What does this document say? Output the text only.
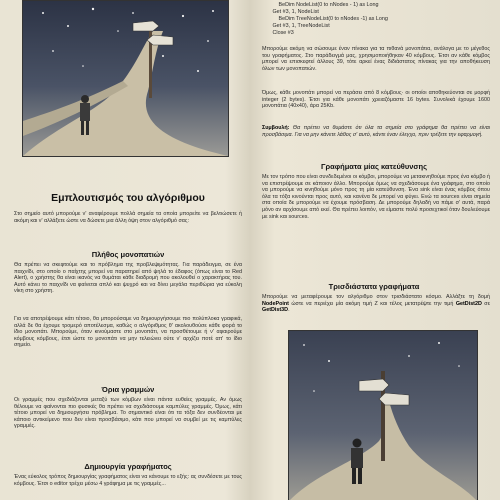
Εμπλουτισμός του αλγόριθμου
Στο σημείο αυτό μπορούμε ν' αναφέρουμε πολλά σημεία τα οποία μπορείτε να βελτιώσετε ή ακόμη και ν' αλλάξετε ώστε να δώσετε μια άλλη όψη στον αλγόριθμό σας:
Πλήθος μονοπατιών
Θα πρέπει να σκεφτούμε και το πρόβλημα της προβλεψιμότητας. Για παράδειγμα, σε ένα παιχνίδι, στο οποίο ο παίχτης μπορεί να παρατηρεί από ψηλά το έδαφος (όπως είναι το Red Alert), ο χρήστης θα είναι ικανός να θυμάται κάθε διαδρομή που ακολουθεί ο χαρακτήρας του. Αυτό κάνει το παιχνίδι να φαίνεται απλό και ψυχρό και να δίνει μεγάλα περιθώρια για εύκολη νίκη στο χρήστη.
Για να αποτρέψουμε κάτι τέτοιο, θα μπορούσαμε να δημιουργήσουμε πιο πολύπλοκα γραφικά, αλλά δε θα έχουμε τρομερό αποτέλεσμα, καθώς ο αλγόριθμος θ' ακολουθούσε κάθε φορά το ίδιο μονοπάτι. Μπορούμε, όταν κινούμαστε στο μονοπάτι, να προσθέτουμε ή ν' αφαιρούμε κόμβους κόμβους, έτσι ώστε το μονοπάτι να μην τελειώνει ούτε ν' αρχίζει ποτέ απ' το ίδιο σημείο.
Όρια γραμμών
Οι γραμμές που σχεδιάζονται μεταξύ των κόμβων είναι πάντα ευθείες γραμμές. Αν όμως θέλουμε να φαίνονται πιο φυσικές θα πρέπει να σχεδιάσουμε καμπύλες γραμμές. Όμως, κάτι τέτοιο μπορεί να δημιουργήσει πρόβλημα. Το σημαντικό είναι ότι τα τόξα δεν συνδέονται με κάποιο αντικείμενο που δεν είναι προσβάσιμο, κάτι που μπορεί να συμβεί με τις καμπύλες γραμμές.
Δημιουργία γραφήματος
Ένας εύκολος τρόπος δημιουργίας γραφήματος είναι να κάνουμε το εξής: ας συνδέσετε με τους κόμβους. Έτσι ο editor τρέχει μέσω 4 γράφημα με τις γραμμές...
BeDim NodeList(0 to nNodes - 1) as Long
Get #3, 1, NodeList
BeDim TreeNodeList(0 to nNodes -1) as Long
Get #3, 1, TreeNodeList
Close #3
Μπορούμε ακόμη να σώσουμε έναν πίνακα για τα πιθανά μονοπάτια, ανάλογα με το μέγεθος του γραφήματος. Στο παράδειγμά μας, χρησιμοποιήθηκαν 40 κόμβους. Έτσι αν κάθε κόμβος μπορεί να επισκεφτεί άλλους 39, τότε αρκεί ένας διδιάστατος πίνακας για την αποθήκευση όλων των μονοπατιών.
Όμως, κάθε μονοπάτι μπορεί να περάσει από 8 κόμβους· οι οποίοι αποθηκεύονται σε μορφή integer (2 bytes). Έτσι για κάθε μονοπάτι χρειαζόμαστε 16 bytes. Συνολικά έχουμε 1600 μονοπάτια (40x40), άρα 25Κb.
Συμβουλή: Θα πρέπει να θυμάστε ότι όλα τα σημεία στο γράφημα θα πρέπει να είναι προσβάσιμα. Για να μην κάνετε λάθος σ' αυτό, κάντε έναν έλεγχο, πριν τρέξετε την εφαρμογή.
Γραφήματα μίας κατεύθυνσης
Με τον τρόπο που είναι συνδεδεμένοι οι κόμβοι, μπορούμε να μετακινηθούμε προς ένα κόμβο ή να επιστρέψουμε σε κάποιον άλλο. Μπορούμε όμως να σχεδιάσουμε ένα γράφημα, στο οποίο να μπορούμε να κινηθούμε μόνο προς τη μία κατεύθυνση. Ένα sink είναι ένας κόμβος όπου όλα τα τόξα κινούνται προς αυτό, και κανένα δε μπορεί να φύγει. Ενώ τα sources είναι σημεία στα οποία δε μπορούμε να έχουμε πρόσβαση. Δε μπορούμε δηλαδή να πάμε σ' αυτά, παρά μόνο αν αρχίσουμε από εκεί. Θα πρέπει λοιπόν, να είμαστε πολύ προσεχτικοί όταν δουλεύουμε με sink και sources.
Τρισδιάστατα γραφήματα
Μπορούμε να μεταφέρουμε τον αλγόριθμο στον τρισδιάστατο κόσμο. Αλλάξτε τη δομή NodePoint ώστε να περιέχει μία ακόμη τιμή Z και τέλος μετατρέψτε την τιμή GetDist2D σε GetDist3D.
